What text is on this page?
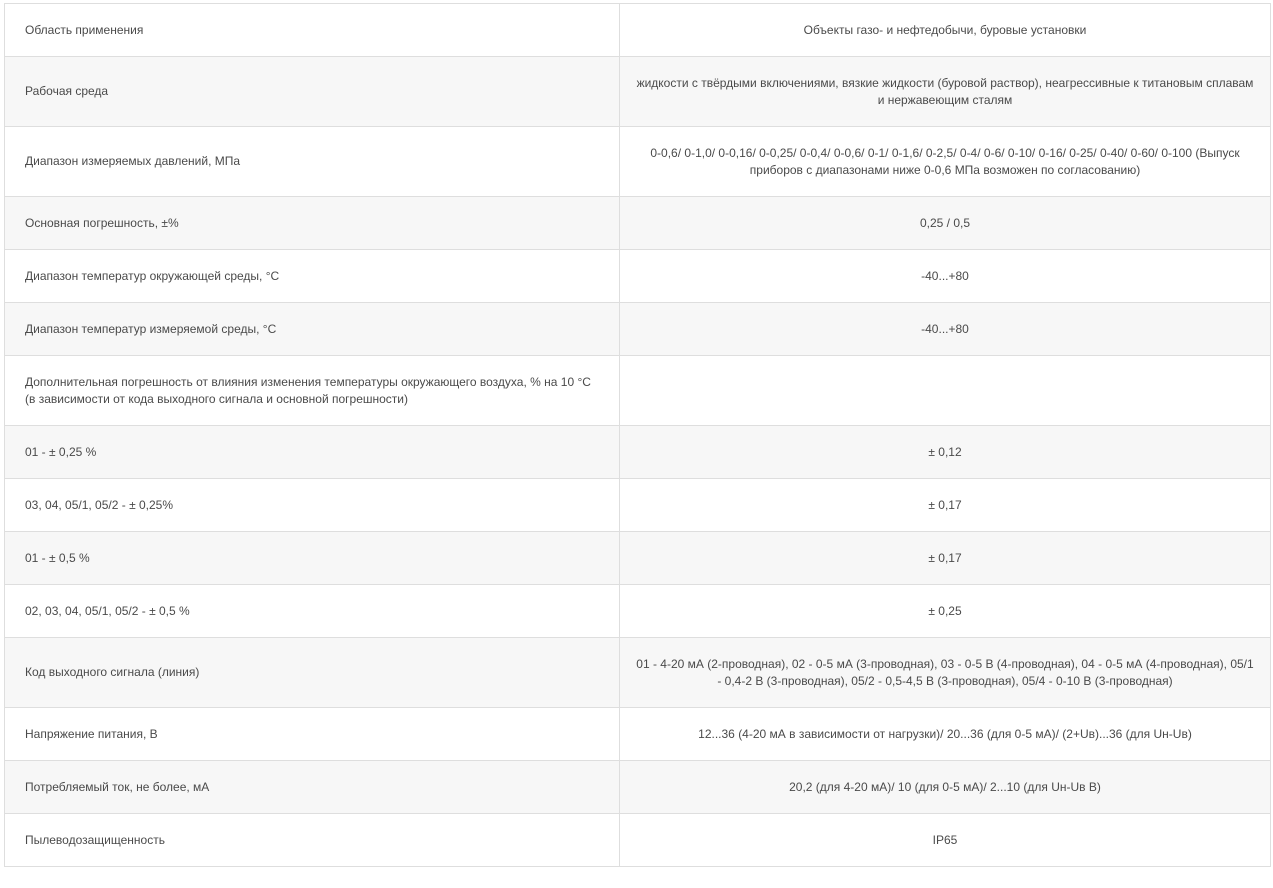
Область применения	Объекты газо- и нефтедобычи, буровые установки
Рабочая среда	жидкости с твёрдыми включениями, вязкие жидкости (буровой раствор), неагрессивные к титановым сплавам и нержавеющим сталям
Диапазон измеряемых давлений, МПа	0-0,6/ 0-1,0/ 0-0,16/ 0-0,25/ 0-0,4/ 0-0,6/ 0-1/ 0-1,6/ 0-2,5/ 0-4/ 0-6/ 0-10/ 0-16/ 0-25/ 0-40/ 0-60/ 0-100 (Выпуск приборов с диапазонами ниже 0-0,6 МПа возможен по согласованию)
Основная погрешность, ±%	0,25 / 0,5
Диапазон температур окружающей среды, °С	-40...+80
Диапазон температур измеряемой среды, °С	-40...+80
Дополнительная погрешность от влияния изменения температуры окружающего воздуха, % на 10 °С (в зависимости от кода выходного сигнала и основной погрешности)	
01 - ± 0,25 %	± 0,12
03, 04, 05/1, 05/2 - ± 0,25%	± 0,17
01 - ± 0,5 %	± 0,17
02, 03, 04, 05/1, 05/2 - ± 0,5 %	± 0,25
Код выходного сигнала (линия)	01 - 4-20 мА (2-проводная), 02 - 0-5 мА (3-проводная), 03 - 0-5 В (4-проводная), 04 - 0-5 мА (4-проводная), 05/1 - 0,4-2 В (3-проводная), 05/2 - 0,5-4,5 В (3-проводная), 05/4 - 0-10 В (3-проводная)
Напряжение питания, В	12...36 (4-20 мА в зависимости от нагрузки)/ 20...36 (для 0-5 мА)/ (2+Uв)...36 (для Uн-Uв)
Потребляемый ток, не более, мА	20,2 (для 4-20 мА)/ 10 (для 0-5 мА)/ 2...10 (для Uн-Uв В)
Пылеводозащищенность	IP65
